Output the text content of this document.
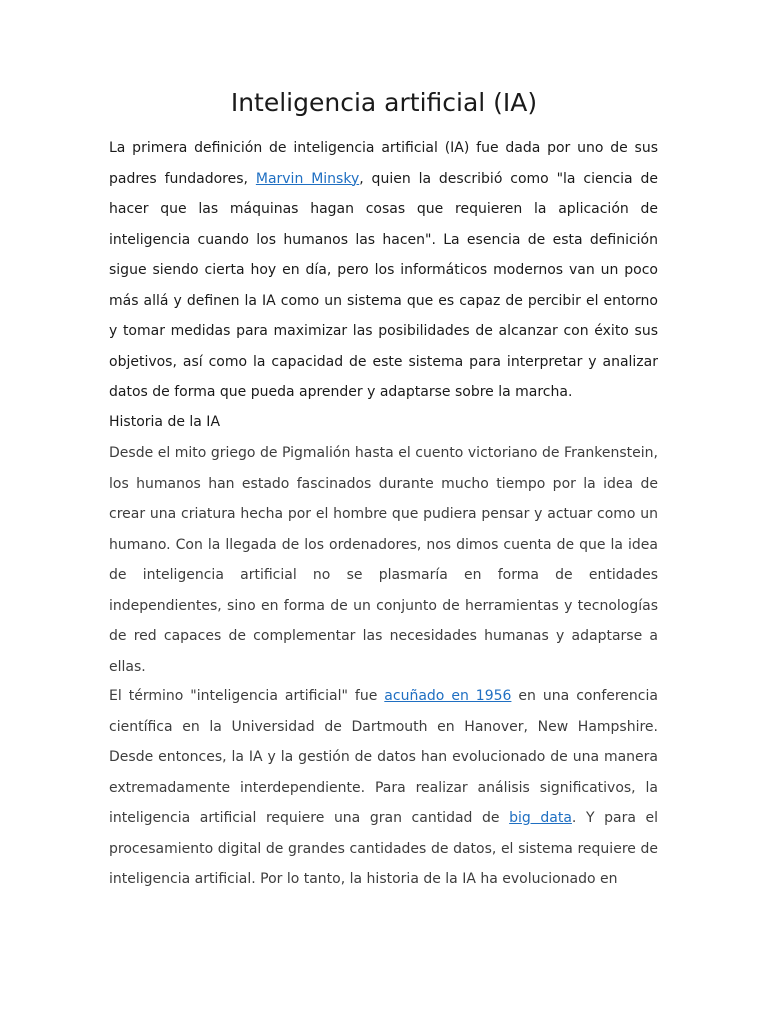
Inteligencia artificial (IA)

La primera definición de inteligencia artificial (IA) fue dada por uno de sus padres fundadores, Marvin Minsky, quien la describió como "la ciencia de hacer que las máquinas hagan cosas que requieren la aplicación de inteligencia cuando los humanos las hacen". La esencia de esta definición sigue siendo cierta hoy en día, pero los informáticos modernos van un poco más allá y definen la IA como un sistema que es capaz de percibir el entorno y tomar medidas para maximizar las posibilidades de alcanzar con éxito sus objetivos, así como la capacidad de este sistema para interpretar y analizar datos de forma que pueda aprender y adaptarse sobre la marcha.

Historia de la IA

Desde el mito griego de Pigmalión hasta el cuento victoriano de Frankenstein, los humanos han estado fascinados durante mucho tiempo por la idea de crear una criatura hecha por el hombre que pudiera pensar y actuar como un humano. Con la llegada de los ordenadores, nos dimos cuenta de que la idea de inteligencia artificial no se plasmaría en forma de entidades independientes, sino en forma de un conjunto de herramientas y tecnologías de red capaces de complementar las necesidades humanas y adaptarse a ellas.

El término "inteligencia artificial" fue acuñado en 1956 en una conferencia científica en la Universidad de Dartmouth en Hanover, New Hampshire. Desde entonces, la IA y la gestión de datos han evolucionado de una manera extremadamente interdependiente. Para realizar análisis significativos, la inteligencia artificial requiere una gran cantidad de big data. Y para el procesamiento digital de grandes cantidades de datos, el sistema requiere de inteligencia artificial. Por lo tanto, la historia de la IA ha evolucionado en
